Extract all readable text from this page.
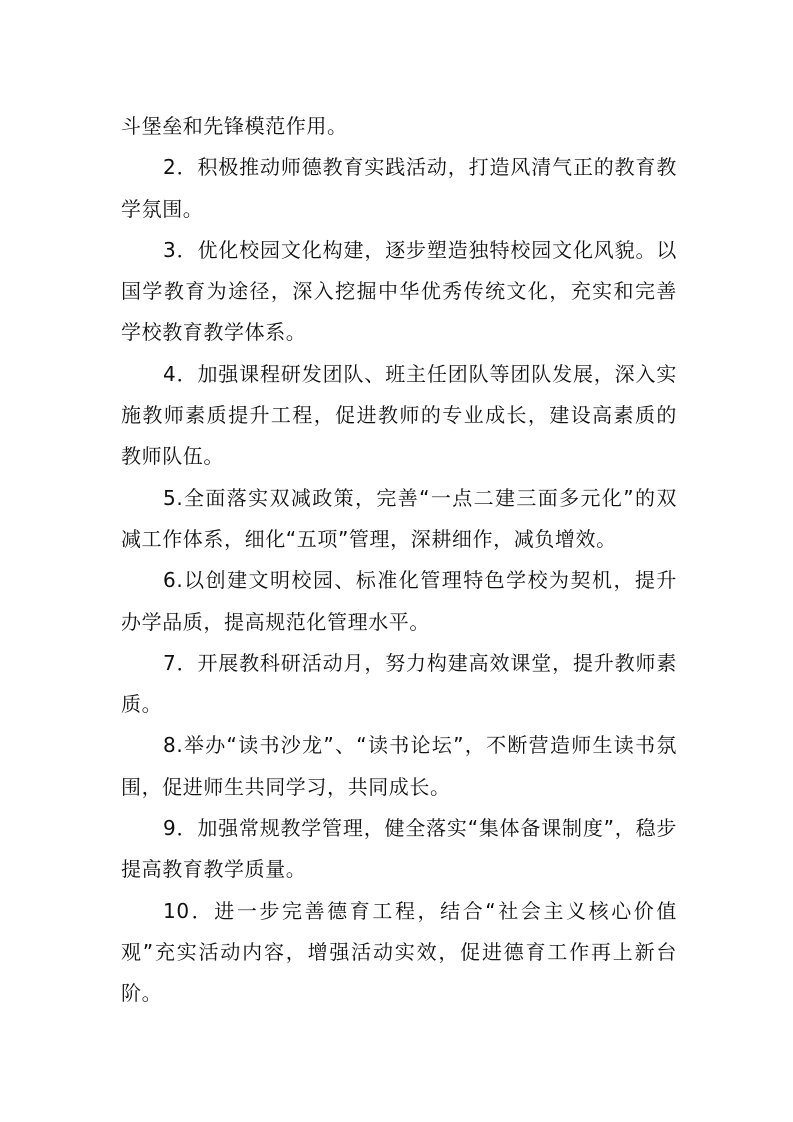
斗堡垒和先锋模范作用。

2．积极推动师德教育实践活动，打造风清气正的教育教学氛围。

3．优化校园文化构建，逐步塑造独特校园文化风貌。以国学教育为途径，深入挖掘中华优秀传统文化，充实和完善学校教育教学体系。

4．加强课程研发团队、班主任团队等团队发展，深入实施教师素质提升工程，促进教师的专业成长，建设高素质的教师队伍。

5.全面落实双减政策，完善“一点二建三面多元化”的双减工作体系，细化“五项”管理，深耕细作，减负增效。

6.以创建文明校园、标准化管理特色学校为契机，提升办学品质，提高规范化管理水平。

7．开展教科研活动月，努力构建高效课堂，提升教师素质。

8.举办“读书沙龙”、“读书论坛”，不断营造师生读书氛围，促进师生共同学习，共同成长。

9．加强常规教学管理，健全落实“集体备课制度”，稳步提高教育教学质量。

10．进一步完善德育工程，结合“社会主义核心价值观”充实活动内容，增强活动实效，促进德育工作再上新台阶。
